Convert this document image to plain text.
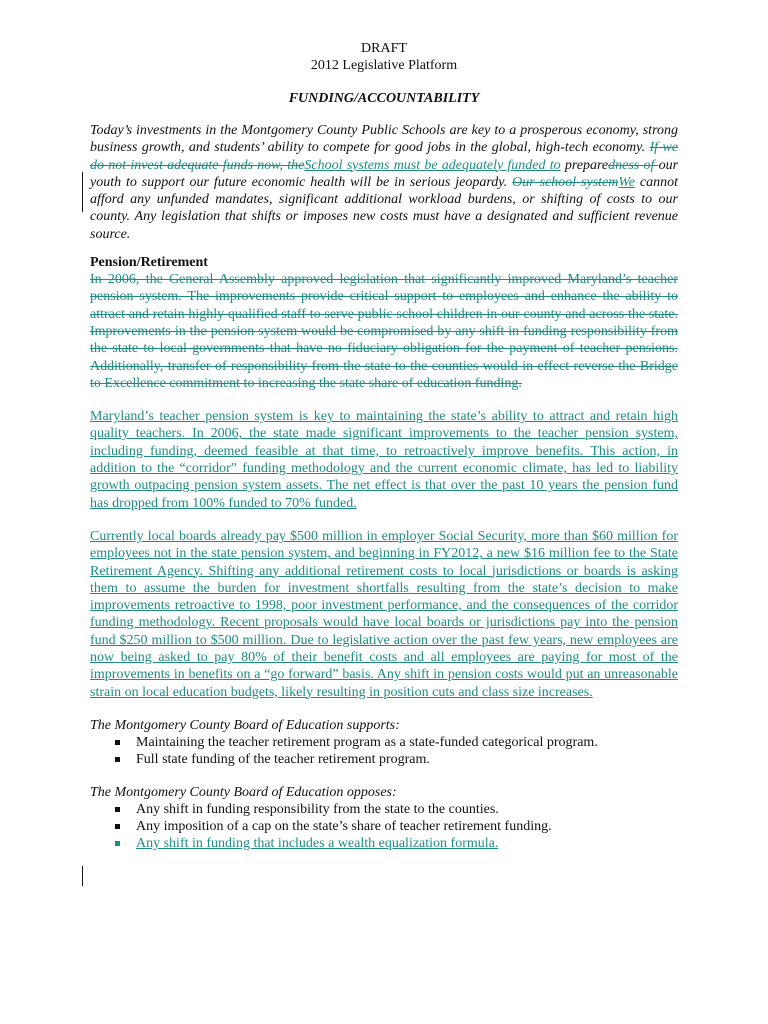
DRAFT
2012 Legislative Platform
FUNDING/ACCOUNTABILITY

Today’s investments in the Montgomery County Public Schools are key to a prosperous economy, strong business growth, and students’ ability to compete for good jobs in the global, high-tech economy. If we do not invest adequate funds now, theSchool systems must be adequately funded to preparedness of our youth to support our future economic health will be in serious jeopardy. Our school systemWe cannot afford any unfunded mandates, significant additional workload burdens, or shifting of costs to our county. Any legislation that shifts or imposes new costs must have a designated and sufficient revenue source.

Pension/Retirement

In 2006, the General Assembly approved legislation that significantly improved Maryland’s teacher pension system. The improvements provide critical support to employees and enhance the ability to attract and retain highly qualified staff to serve public school children in our county and across the state. Improvements in the pension system would be compromised by any shift in funding responsibility from the state to local governments that have no fiduciary obligation for the payment of teacher pensions. Additionally, transfer of responsibility from the state to the counties would in effect reverse the Bridge to Excellence commitment to increasing the state share of education funding.

Maryland’s teacher pension system is key to maintaining the state’s ability to attract and retain high quality teachers. In 2006, the state made significant improvements to the teacher pension system, including funding, deemed feasible at that time, to retroactively improve benefits. This action, in addition to the “corridor” funding methodology and the current economic climate, has led to liability growth outpacing pension system assets. The net effect is that over the past 10 years the pension fund has dropped from 100% funded to 70% funded.

Currently local boards already pay $500 million in employer Social Security, more than $60 million for employees not in the state pension system, and beginning in FY2012, a new $16 million fee to the State Retirement Agency. Shifting any additional retirement costs to local jurisdictions or boards is asking them to assume the burden for investment shortfalls resulting from the state’s decision to make improvements retroactive to 1998, poor investment performance, and the consequences of the corridor funding methodology. Recent proposals would have local boards or jurisdictions pay into the pension fund $250 million to $500 million. Due to legislative action over the past few years, new employees are now being asked to pay 80% of their benefit costs and all employees are paying for most of the improvements in benefits on a “go forward” basis. Any shift in pension costs would put an unreasonable strain on local education budgets, likely resulting in position cuts and class size increases.

The Montgomery County Board of Education supports:
Maintaining the teacher retirement program as a state-funded categorical program.
Full state funding of the teacher retirement program.
The Montgomery County Board of Education opposes:
Any shift in funding responsibility from the state to the counties.
Any imposition of a cap on the state’s share of teacher retirement funding.
Any shift in funding that includes a wealth equalization formula.
